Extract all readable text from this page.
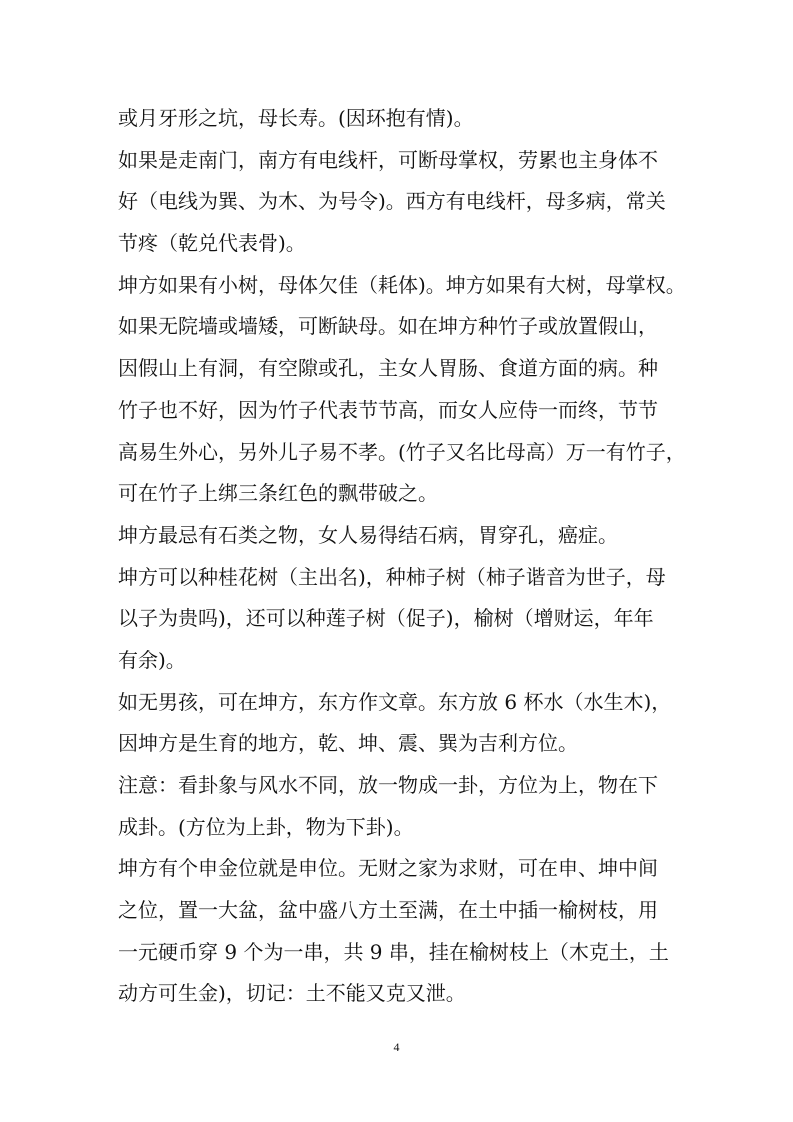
或月牙形之坑，母长寿。(因环抱有情)。
如果是走南门，南方有电线杆，可断母掌权，劳累也主身体不
好（电线为巽、为木、为号令)。西方有电线杆，母多病，常关
节疼（乾兑代表骨)。
坤方如果有小树，母体欠佳（耗体)。坤方如果有大树，母掌权。
如果无院墙或墙矮，可断缺母。如在坤方种竹子或放置假山，
因假山上有洞，有空隙或孔，主女人胃肠、食道方面的病。种
竹子也不好，因为竹子代表节节高，而女人应侍一而终，节节
高易生外心，另外儿子易不孝。(竹子又名比母高）万一有竹子，
可在竹子上绑三条红色的飘带破之。
坤方最忌有石类之物，女人易得结石病，胃穿孔，癌症。
坤方可以种桂花树（主出名)，种柿子树（柿子谐音为世子，母
以子为贵吗)，还可以种莲子树（促子)，榆树（增财运，年年
有余)。
如无男孩，可在坤方，东方作文章。东方放 6 杯水（水生木)，
因坤方是生育的地方，乾、坤、震、巽为吉利方位。
注意：看卦象与风水不同，放一物成一卦，方位为上，物在下
成卦。(方位为上卦，物为下卦)。
坤方有个申金位就是申位。无财之家为求财，可在申、坤中间
之位，置一大盆，盆中盛八方土至满，在土中插一榆树枝，用
一元硬币穿 9 个为一串，共 9 串，挂在榆树枝上（木克土，土
动方可生金)，切记：土不能又克又泄。
4
